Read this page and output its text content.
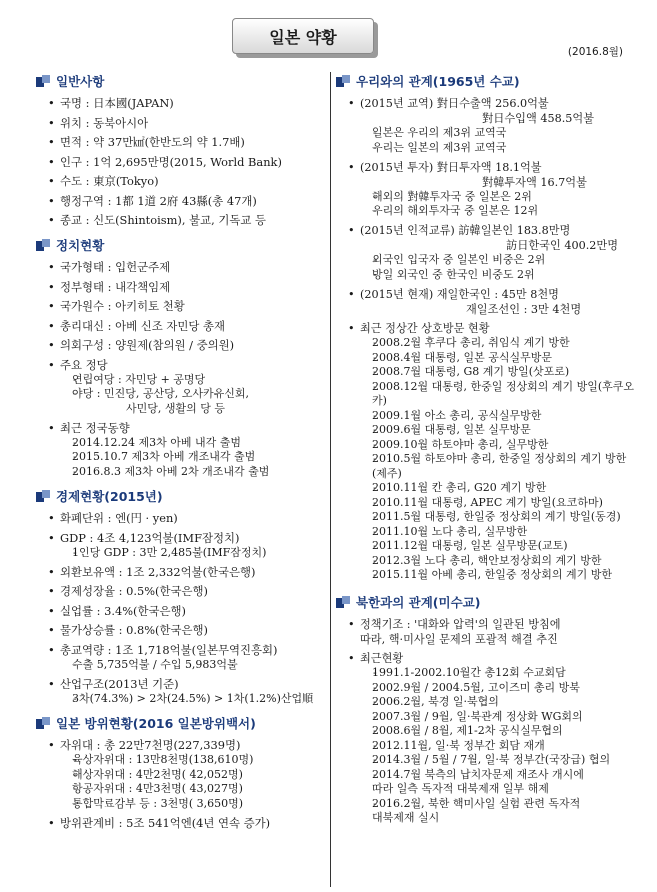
일본 약황
(2016.8월)
일반사항
• 국명 : 日本國(JAPAN)
• 위치 : 동북아시아
• 면적 : 약 37만㎢(한반도의 약 1.7배)
• 인구 : 1억 2,695만명(2015, World Bank)
• 수도 : 東京(Tokyo)
• 행정구역 : 1都 1道 2府 43縣(총 47개)
• 종교 : 신도(Shintoism), 불교, 기독교 등
정치현황
• 국가형태 : 입헌군주제
• 정부형태 : 내각책임제
• 국가원수 : 아키히토 천황
• 총리대신 : 아베 신조 자민당 총재
• 의회구성 : 양원제(참의원 / 중의원)
• 주요 정당
- 연립여당 : 자민당 + 공명당
- 야당 : 민진당, 공산당, 오사카유신회,
사민당, 생활의 당 등
• 최근 정국동향
- 2014.12.24 제3차 아베 내각 출범
- 2015.10.7 제3차 아베 개조내각 출범
- 2016.8.3 제3차 아베 2차 개조내각 출범
경제현황(2015년)
• 화폐단위 : 엔(円 · yen)
• GDP : 4조 4,123억불(IMF잠정치)
- 1인당 GDP : 3만 2,485불(IMF잠정치)
• 외환보유액 : 1조 2,332억불(한국은행)
• 경제성장율 : 0.5%(한국은행)
• 실업률 : 3.4%(한국은행)
• 물가상승률 : 0.8%(한국은행)
• 총교역량 : 1조 1,718억불(일본무역진흥회)
- 수출 5,735억불 / 수입 5,983억불
• 산업구조(2013년 기준)
- 3차(74.3%) > 2차(24.5%) > 1차(1.2%)산업順
일본 방위현황(2016 일본방위백서)
• 자위대 : 총 22만7천명(227,339명)
- 육상자위대 : 13만8천명(138,610명)
- 해상자위대 : 4만2천명( 42,052명)
- 항공자위대 : 4만3천명( 43,027명)
- 통합막료감부 등 : 3천명( 3,650명)
• 방위관계비 : 5조 541억엔(4년 연속 증가)
우리와의 관계(1965년 수교)
• (2015년 교역) 對日수출액 256.0억불
對日수입액 458.5억불
- 일본은 우리의 제3위 교역국
- 우리는 일본의 제3위 교역국
• (2015년 투자) 對日투자액 18.1억불
對韓투자액 16.7억불
- 해외의 對韓투자국 중 일본은 2위
- 우리의 해외투자국 중 일본은 12위
• (2015년 인적교류) 訪韓일본인 183.8만명
訪日한국인 400.2만명
- 외국인 입국자 중 일본인 비중은 2위
- 방일 외국인 중 한국인 비중도 2위
• (2015년 현재) 재일한국인 : 45만 8천명
재일조선인 : 3만 4천명
• 최근 정상간 상호방문 현황
- 2008.2월 후쿠다 총리, 취임식 계기 방한
- 2008.4월 대통령, 일본 공식실무방문
- 2008.7월 대통령, G8 계기 방일(삿포로)
- 2008.12월 대통령, 한중일 정상회의 계기 방일(후쿠오카)
- 2009.1월 아소 총리, 공식실무방한
- 2009.6월 대통령, 일본 실무방문
- 2009.10월 하토야마 총리, 실무방한
- 2010.5월 하토야마 총리, 한중일 정상회의 계기 방한(제주)
- 2010.11월 칸 총리, G20 계기 방한
- 2010.11월 대통령, APEC 계기 방일(요코하마)
- 2011.5월 대통령, 한일중 정상회의 계기 방일(동경)
- 2011.10월 노다 총리, 실무방한
- 2011.12월 대통령, 일본 실무방문(교토)
- 2012.3월 노다 총리, 핵안보정상회의 계기 방한
- 2015.11월 아베 총리, 한일중 정상회의 계기 방한
북한과의 관계(미수교)
• 정책기조 : '대화와 압력'의 일관된 방침에
따라, 핵·미사일 문제의 포괄적 해결 추진
• 최근현황
- 1991.1-2002.10월간 총12회 수교회담
- 2002.9월 / 2004.5월, 고이즈미 총리 방북
- 2006.2월, 북경 일·북협의
- 2007.3월 / 9월, 일·북관계 정상화 WG회의
- 2008.6월 / 8월, 제1-2차 공식실무협의
- 2012.11월, 일·북 정부간 회담 재개
- 2014.3월 / 5월 / 7월, 일·북 정부간(국장급) 협의
- 2014.7월 북측의 납치자문제 재조사 개시에
따라 일측 독자적 대북제재 일부 해제
- 2016.2월, 북한 핵미사일 실험 관련 독자적
대북제재 실시
